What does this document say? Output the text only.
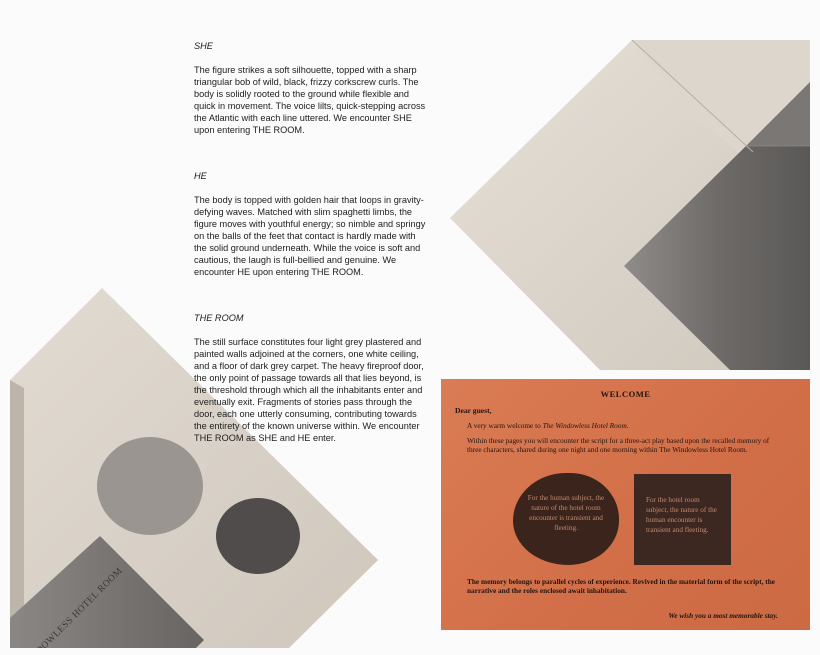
SHE

The figure strikes a soft silhouette, topped with a sharp triangular bob of wild, black, frizzy corkscrew curls. The body is solidly rooted to the ground while flexible and quick in movement. The voice lilts, quick-stepping across the Atlantic with each line uttered. We encounter SHE upon entering THE ROOM.

HE

The body is topped with golden hair that loops in gravity-defying waves. Matched with slim spaghetti limbs, the figure moves with youthful energy; so nimble and springy on the balls of the feet that contact is hardly made with the solid ground underneath. While the voice is soft and cautious, the laugh is full-bellied and genuine. We encounter HE upon entering THE ROOM.

THE ROOM

The still surface constitutes four light grey plastered and painted walls adjoined at the corners, one white ceiling, and a floor of dark grey carpet. The heavy fireproof door, the only point of passage towards all that lies beyond, is the threshold through which all the inhabitants enter and eventually exit. Fragments of stories pass through the door, each one utterly consuming, contributing towards the entirety of the known universe within. We encounter THE ROOM as SHE and HE enter.

WELCOME
Dear guest,
A very warm welcome to The Windowless Hotel Room.
Within these pages you will encounter the script for a three-act play based upon the recalled memory of three characters, shared during one night and one morning within The Windowless Hotel Room.
For the human subject, the nature of the hotel room encounter is transient and fleeting.
For the hotel room subject, the nature of the human encounter is transient and fleeting.
The memory belongs to parallel cycles of experience. Revived in the material form of the script, the narrative and the roles enclosed await inhabitation.
We wish you a most memorable stay.
